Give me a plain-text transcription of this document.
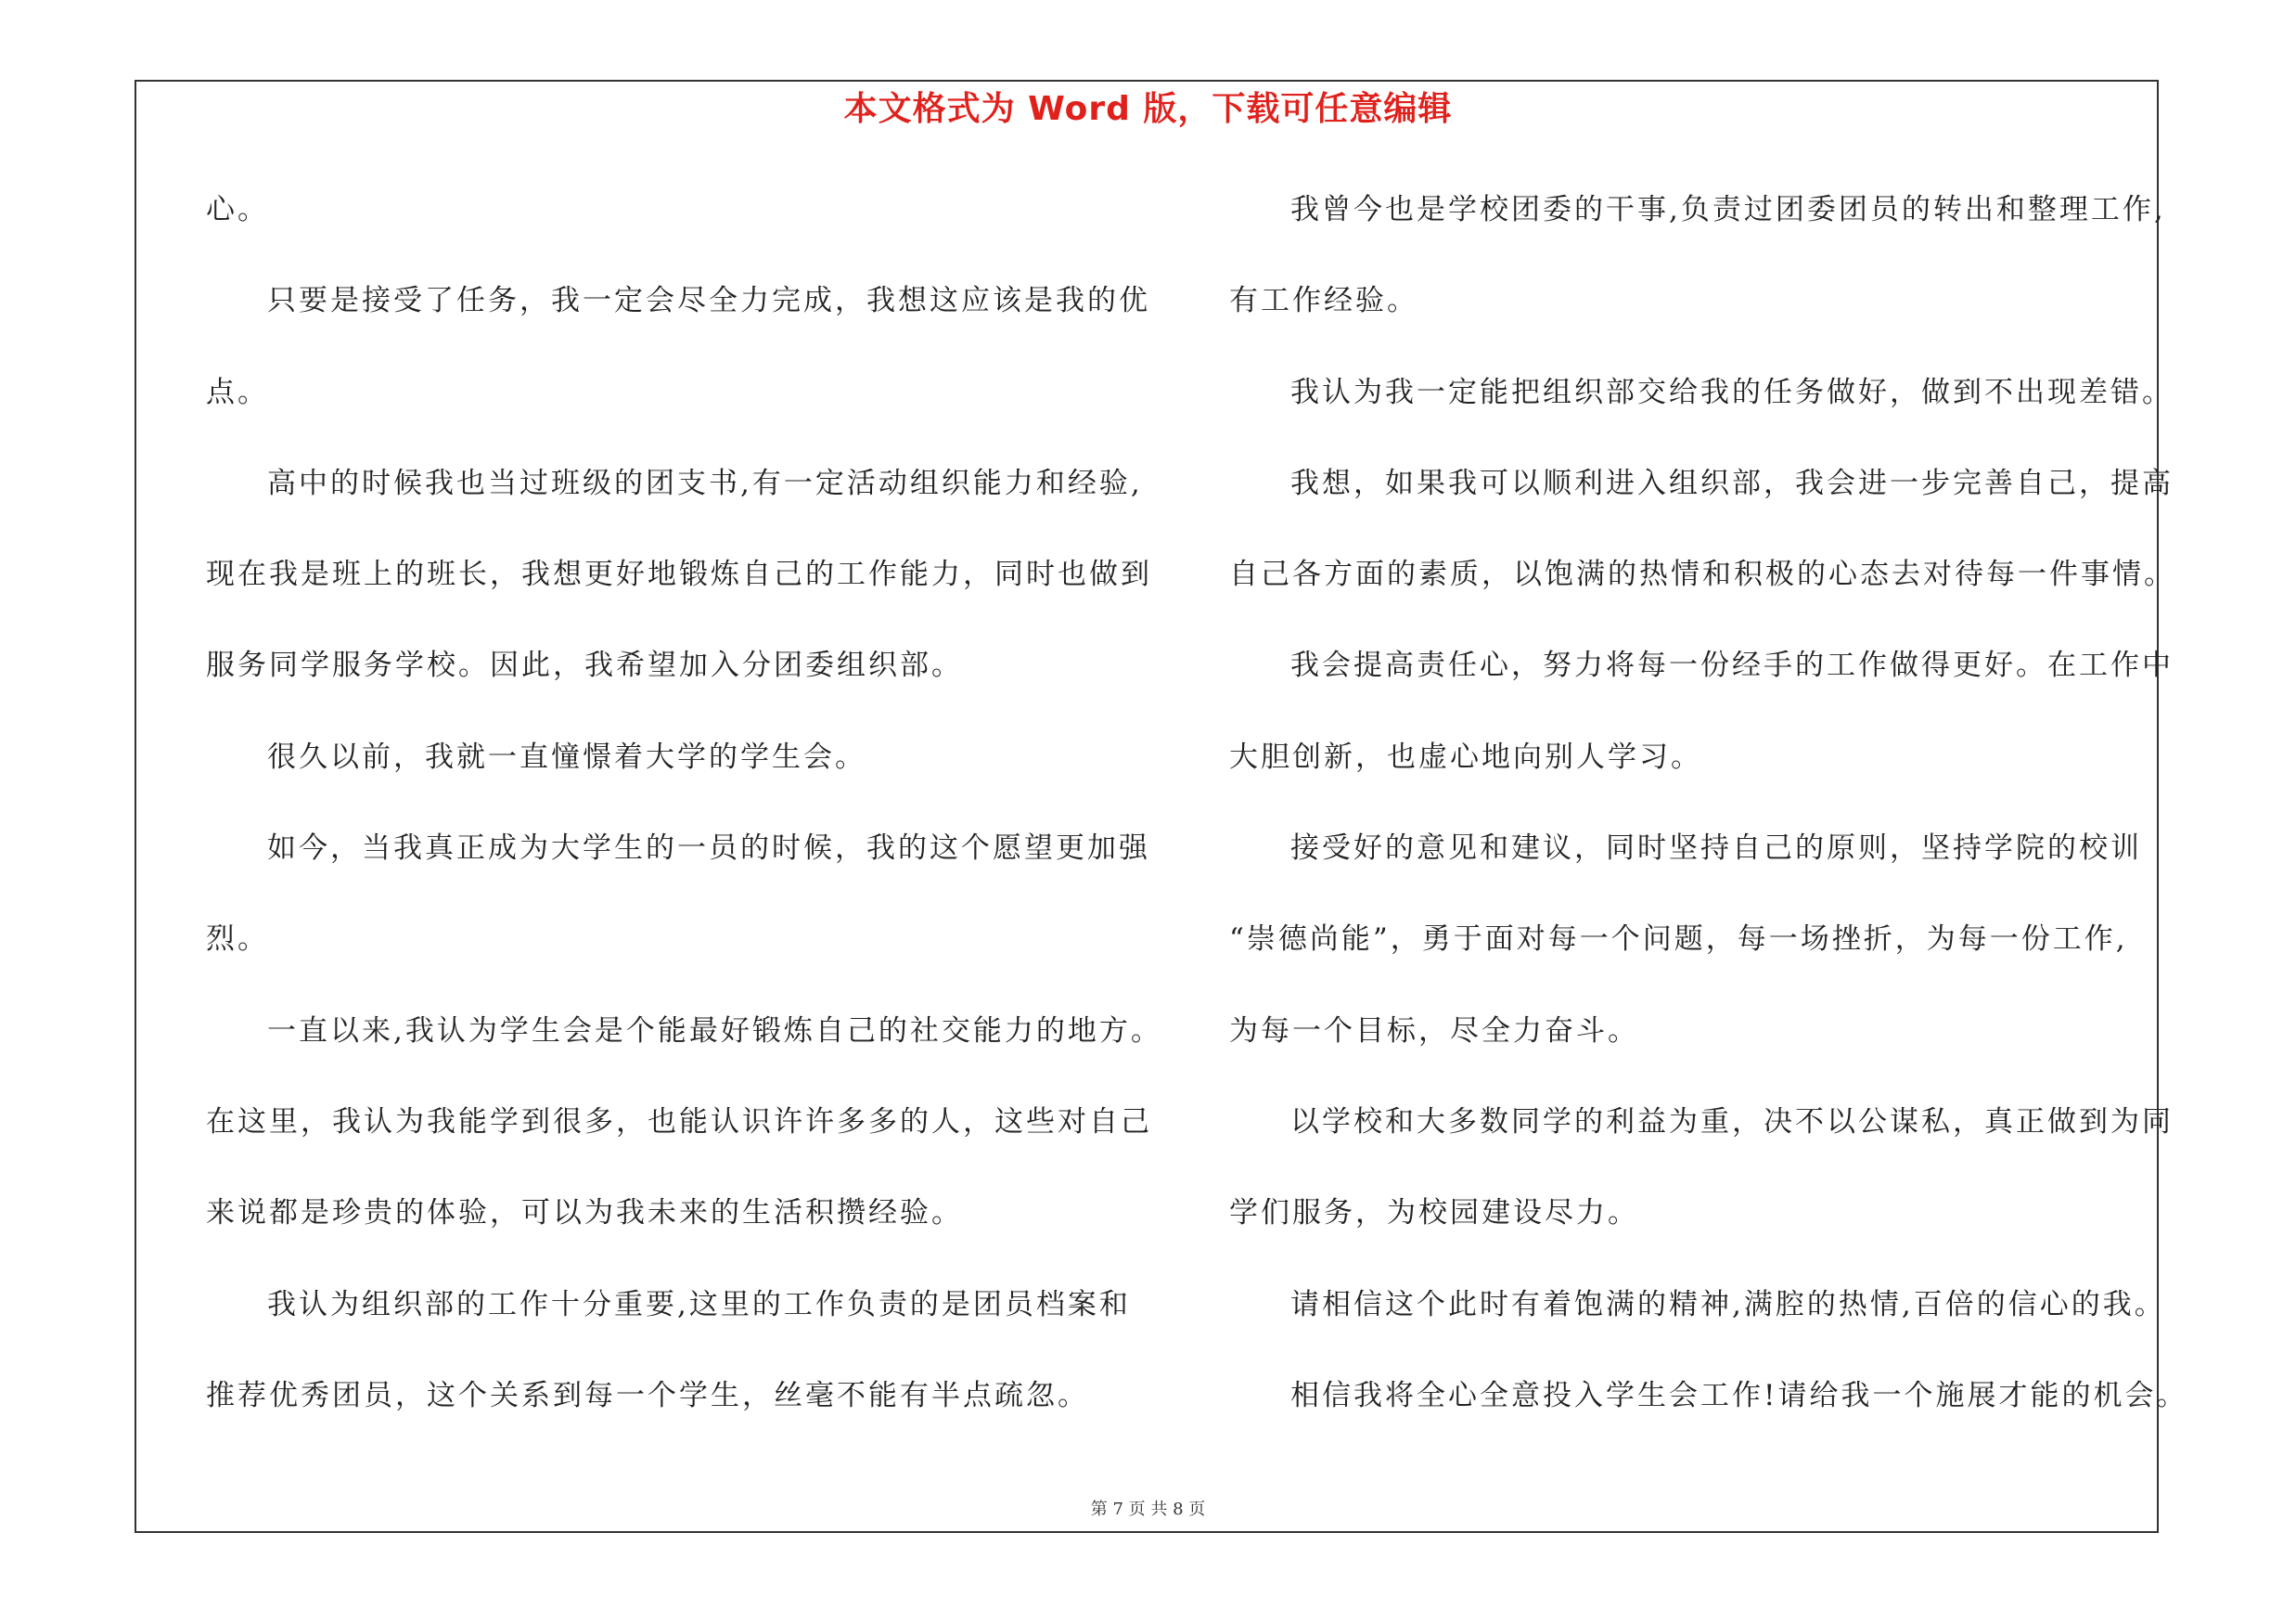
本文格式为 Word 版，下载可任意编辑
心。
只要是接受了任务，我一定会尽全力完成，我想这应该是我的优
点。
高中的时候我也当过班级的团支书,有一定活动组织能力和经验,
现在我是班上的班长，我想更好地锻炼自己的工作能力，同时也做到
服务同学服务学校。因此，我希望加入分团委组织部。
很久以前，我就一直憧憬着大学的学生会。
如今，当我真正成为大学生的一员的时候，我的这个愿望更加强
烈。
一直以来,我认为学生会是个能最好锻炼自己的社交能力的地方。
在这里，我认为我能学到很多，也能认识许许多多的人，这些对自己
来说都是珍贵的体验，可以为我未来的生活积攒经验。
我认为组织部的工作十分重要,这里的工作负责的是团员档案和
推荐优秀团员，这个关系到每一个学生，丝毫不能有半点疏忽。
我曾今也是学校团委的干事,负责过团委团员的转出和整理工作,
有工作经验。
我认为我一定能把组织部交给我的任务做好，做到不出现差错。
我想，如果我可以顺利进入组织部，我会进一步完善自己，提高
自己各方面的素质，以饱满的热情和积极的心态去对待每一件事情。
我会提高责任心，努力将每一份经手的工作做得更好。在工作中
大胆创新，也虚心地向别人学习。
接受好的意见和建议，同时坚持自己的原则，坚持学院的校训
“崇德尚能”，勇于面对每一个问题，每一场挫折，为每一份工作,
为每一个目标，尽全力奋斗。
以学校和大多数同学的利益为重，决不以公谋私，真正做到为同
学们服务，为校园建设尽力。
请相信这个此时有着饱满的精神,满腔的热情,百倍的信心的我。
相信我将全心全意投入学生会工作!请给我一个施展才能的机会。
第 7 页 共 8 页
